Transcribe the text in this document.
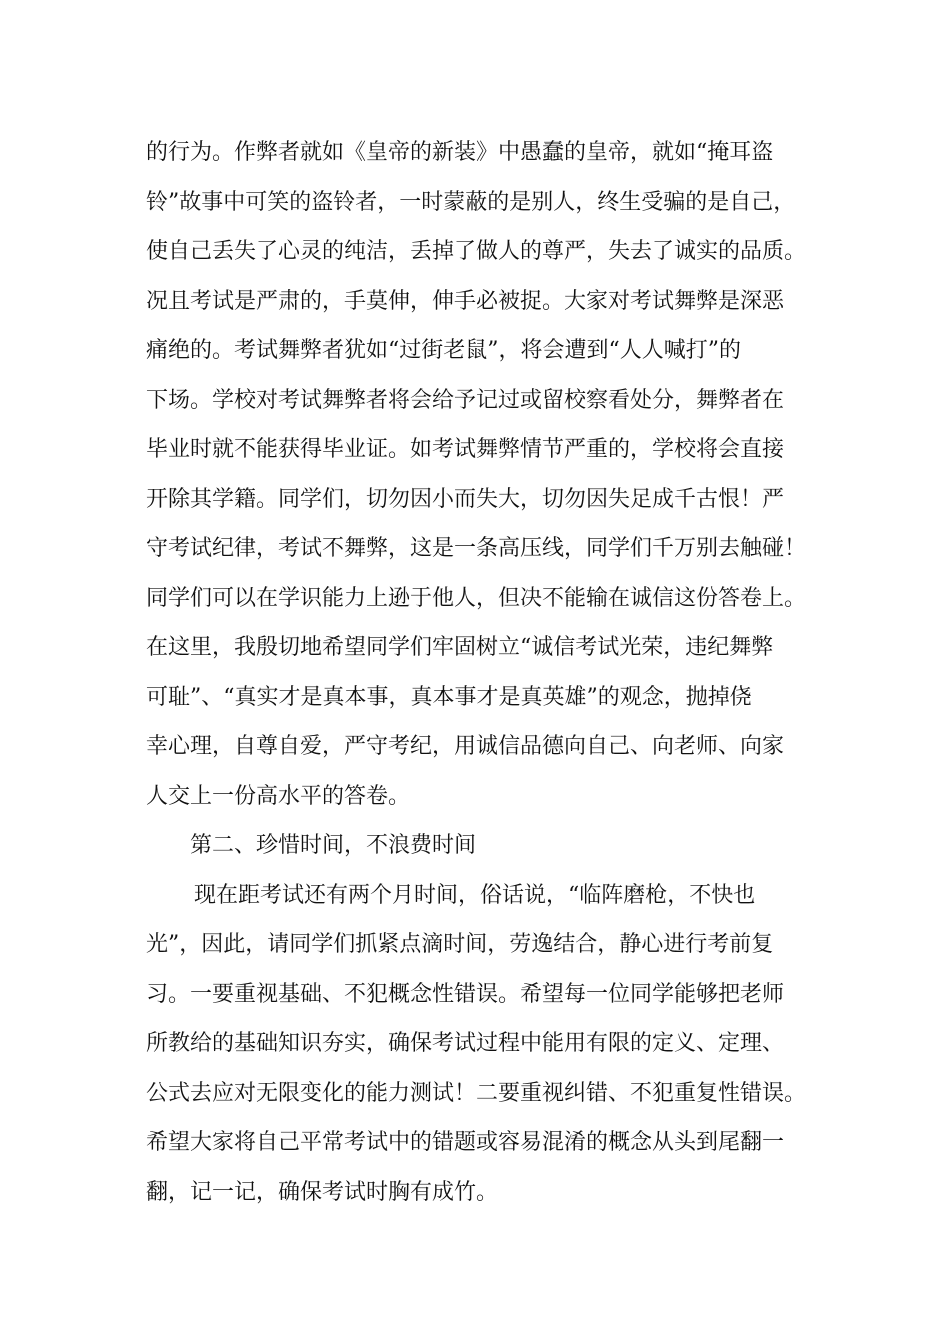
的行为。作弊者就如《皇帝的新装》中愚蠢的皇帝，就如“掩耳盗
铃”故事中可笑的盗铃者，一时蒙蔽的是别人，终生受骗的是自己，
使自己丢失了心灵的纯洁，丢掉了做人的尊严，失去了诚实的品质。
况且考试是严肃的，手莫伸，伸手必被捉。大家对考试舞弊是深恶
痛绝的。考试舞弊者犹如“过街老鼠”，将会遭到“人人喊打”的
下场。学校对考试舞弊者将会给予记过或留校察看处分，舞弊者在
毕业时就不能获得毕业证。如考试舞弊情节严重的，学校将会直接
开除其学籍。同学们，切勿因小而失大，切勿因失足成千古恨！严
守考试纪律，考试不舞弊，这是一条高压线，同学们千万别去触碰！
同学们可以在学识能力上逊于他人，但决不能输在诚信这份答卷上。
在这里，我殷切地希望同学们牢固树立“诚信考试光荣，违纪舞弊
可耻”、“真实才是真本事，真本事才是真英雄”的观念，抛掉侥
幸心理，自尊自爱，严守考纪，用诚信品德向自己、向老师、向家
人交上一份高水平的答卷。
第二、珍惜时间，不浪费时间
现在距考试还有两个月时间，俗话说，“临阵磨枪，不快也
光”，因此，请同学们抓紧点滴时间，劳逸结合，静心进行考前复
习。一要重视基础、不犯概念性错误。希望每一位同学能够把老师
所教给的基础知识夯实，确保考试过程中能用有限的定义、定理、
公式去应对无限变化的能力测试！二要重视纠错、不犯重复性错误。
希望大家将自己平常考试中的错题或容易混淆的概念从头到尾翻一
翻，记一记，确保考试时胸有成竹。
